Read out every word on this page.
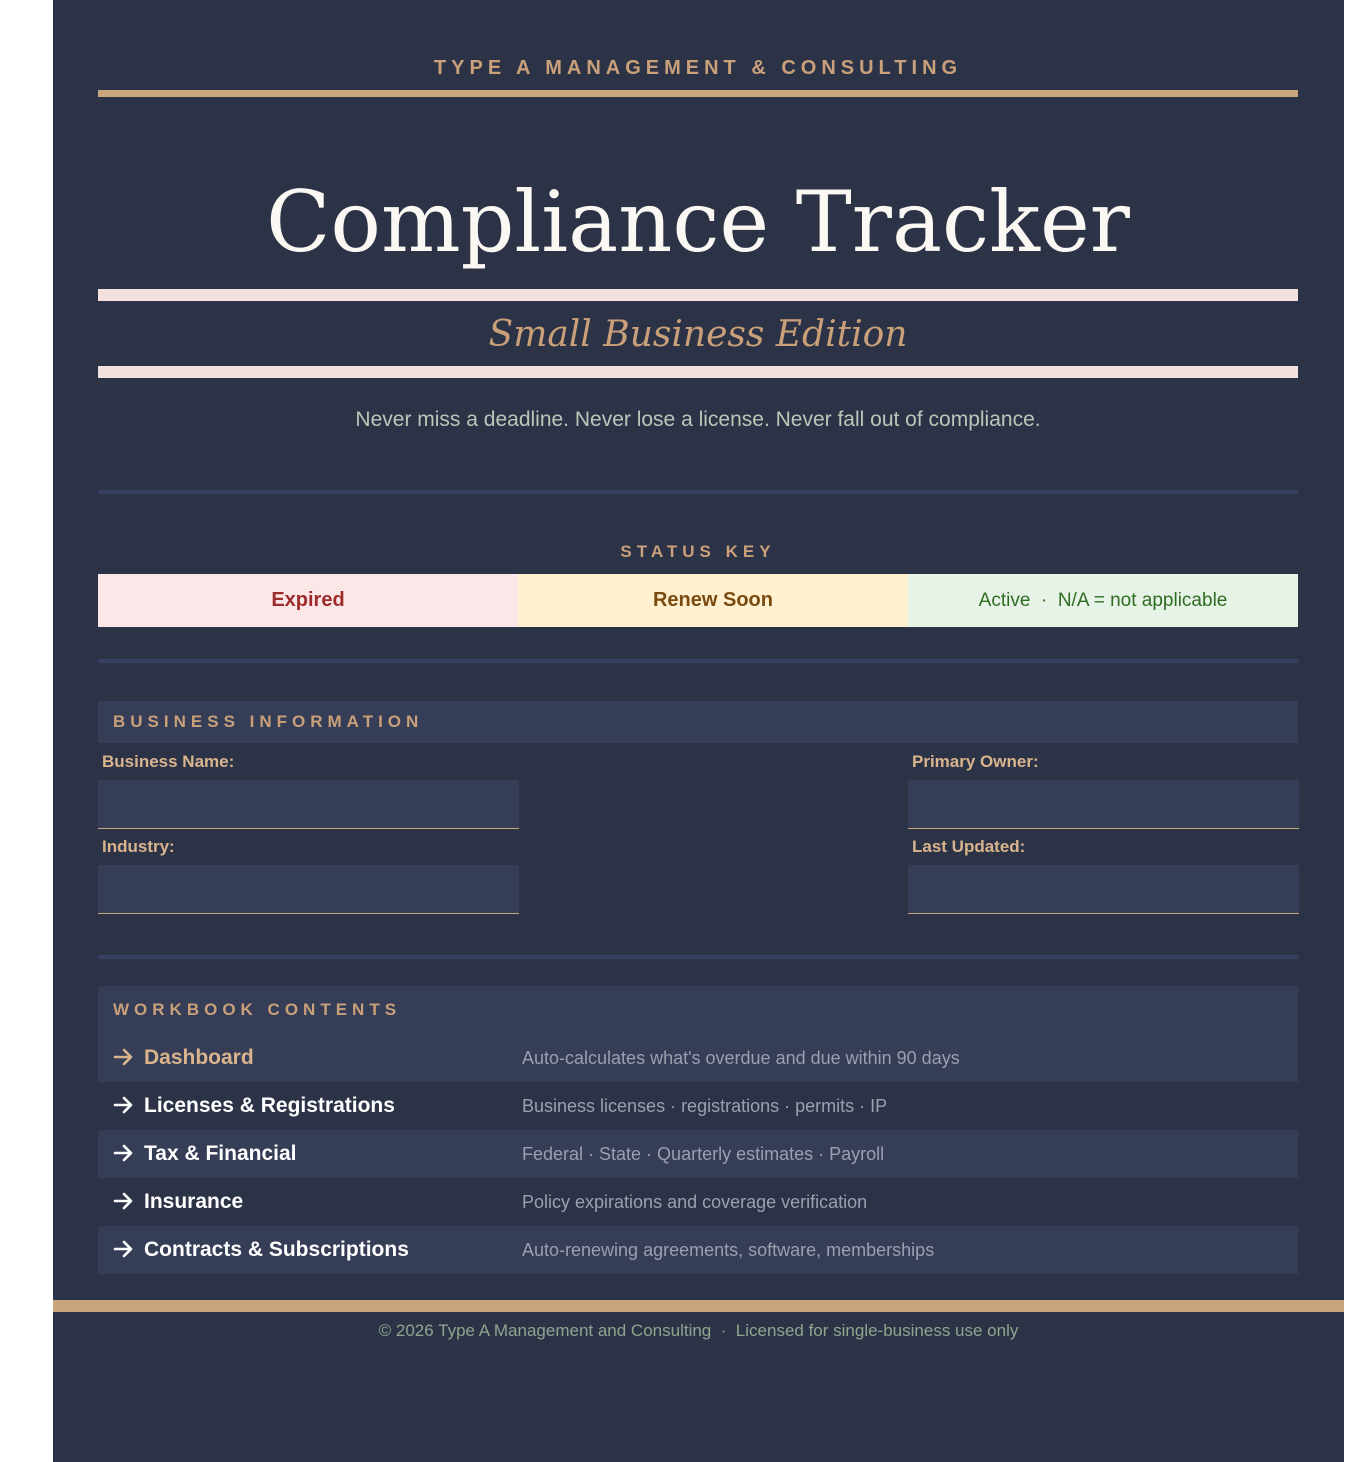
TYPE A MANAGEMENT & CONSULTING
Compliance Tracker
Small Business Edition
Never miss a deadline. Never lose a license. Never fall out of compliance.
STATUS KEY
Expired	Renew Soon	Active  ·  N/A = not applicable
BUSINESS INFORMATION
Business Name:	Primary Owner:
Industry:	Last Updated:
WORKBOOK CONTENTS
Dashboard	Auto-calculates what's overdue and due within 90 days
Licenses & Registrations	Business licenses · registrations · permits · IP
Tax & Financial	Federal · State · Quarterly estimates · Payroll
Insurance	Policy expirations and coverage verification
Contracts & Subscriptions	Auto-renewing agreements, software, memberships
© 2026 Type A Management and Consulting  ·  Licensed for single-business use only
